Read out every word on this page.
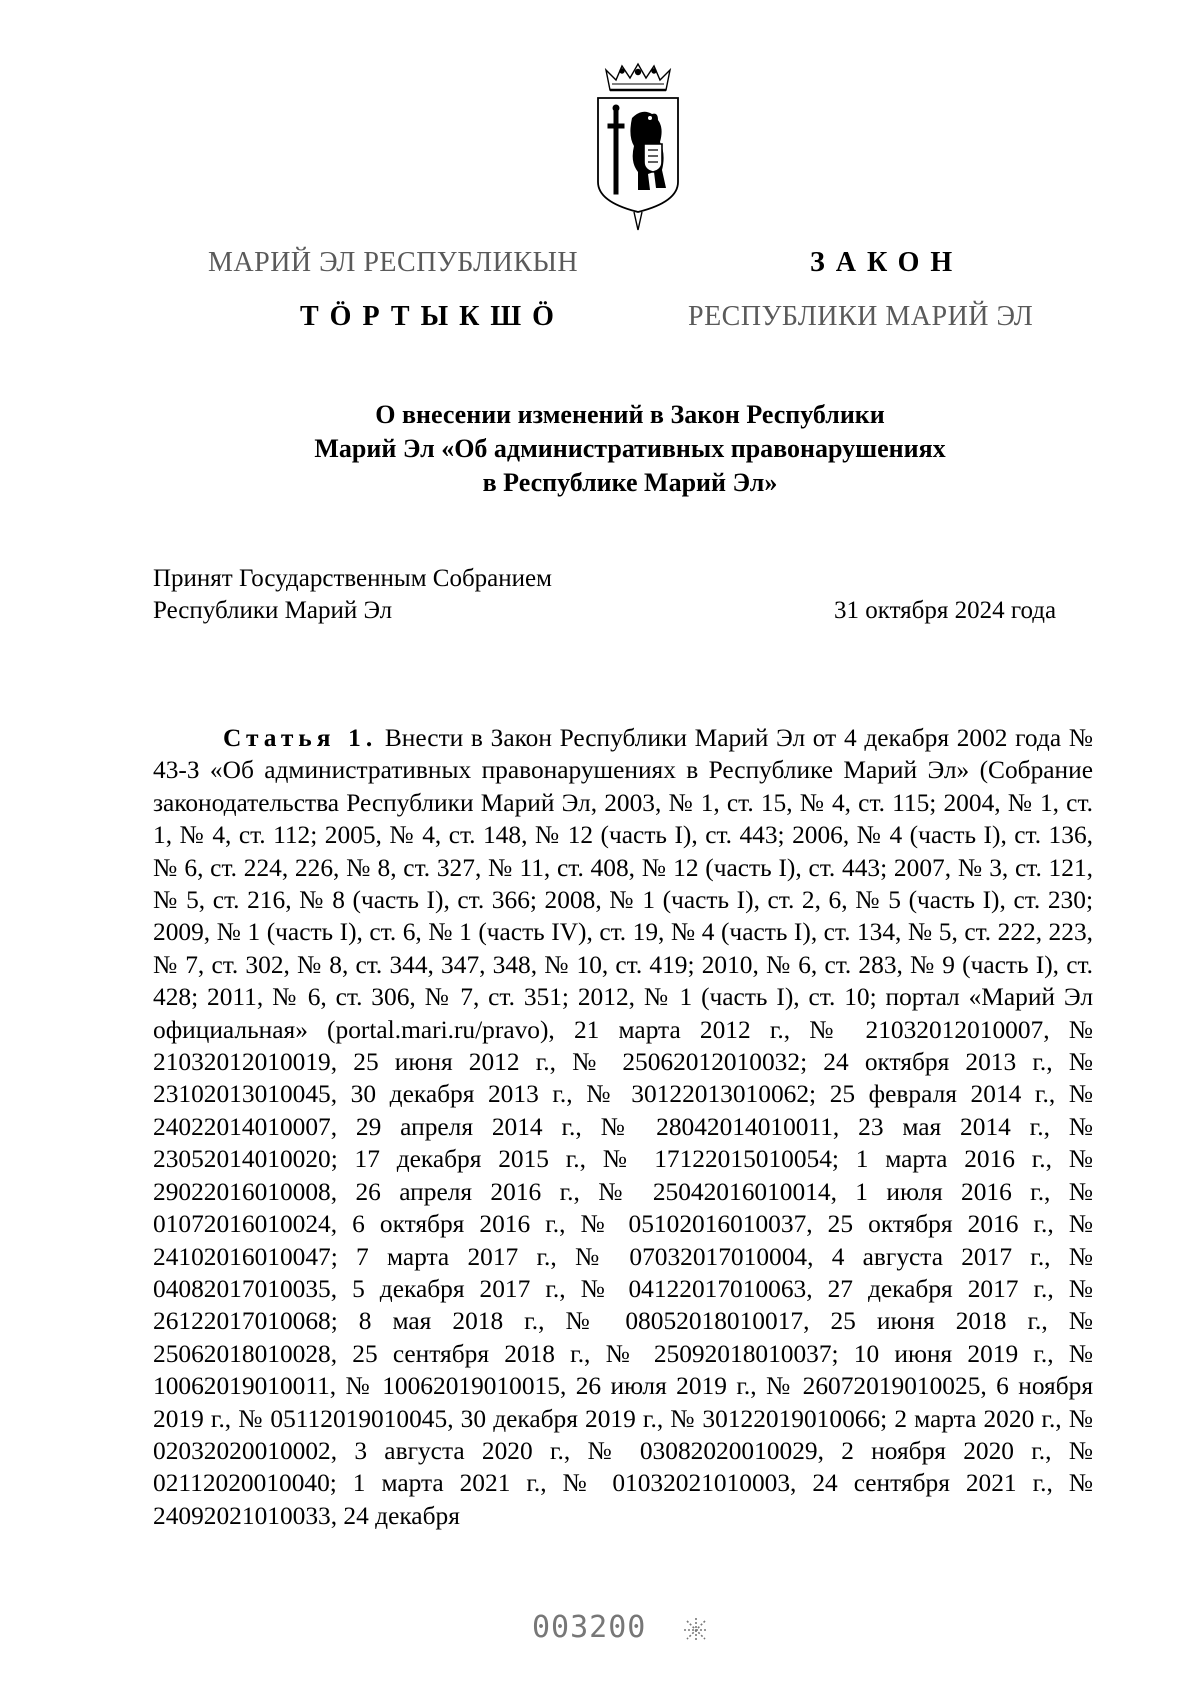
МАРИЙ ЭЛ РЕСПУБЛИКЫН	ЗАКОН
ТӦРТЫКШӦ	РЕСПУБЛИКИ МАРИЙ ЭЛ
О внесении изменений в Закон Республики
Марий Эл «Об административных правонарушениях
в Республике Марий Эл»
Принят Государственным Собранием
Республики Марий Эл	31 октября 2024 года

Статья 1. Внести в Закон Республики Марий Эл от 4 декабря 2002 года № 43-З «Об административных правонарушениях в Республике Марий Эл» (Собрание законодательства Республики Марий Эл, 2003, № 1, ст. 15, № 4, ст. 115; 2004, № 1, ст. 1, № 4, ст. 112; 2005, № 4, ст. 148, № 12 (часть I), ст. 443; 2006, № 4 (часть I), ст. 136, № 6, ст. 224, 226, № 8, ст. 327, № 11, ст. 408, № 12 (часть I), ст. 443; 2007, № 3, ст. 121, № 5, ст. 216, № 8 (часть I), ст. 366; 2008, № 1 (часть I), ст. 2, 6, № 5 (часть I), ст. 230; 2009, № 1 (часть I), ст. 6, № 1 (часть IV), ст. 19, № 4 (часть I), ст. 134, № 5, ст. 222, 223, № 7, ст. 302, № 8, ст. 344, 347, 348, № 10, ст. 419; 2010, № 6, ст. 283, № 9 (часть I), ст. 428; 2011, № 6, ст. 306, № 7, ст. 351; 2012, № 1 (часть I), ст. 10; портал «Марий Эл официальная» (portal.mari.ru/pravo), 21 марта 2012 г., № 21032012010007, № 21032012010019, 25 июня 2012 г., № 25062012010032; 24 октября 2013 г., № 23102013010045, 30 декабря 2013 г., № 30122013010062; 25 февраля 2014 г., № 24022014010007, 29 апреля 2014 г., № 28042014010011, 23 мая 2014 г., № 23052014010020; 17 декабря 2015 г., № 17122015010054; 1 марта 2016 г., № 29022016010008, 26 апреля 2016 г., № 25042016010014, 1 июля 2016 г., № 01072016010024, 6 октября 2016 г., № 05102016010037, 25 октября 2016 г., № 24102016010047; 7 марта 2017 г., № 07032017010004, 4 августа 2017 г., № 04082017010035, 5 декабря 2017 г., № 04122017010063, 27 декабря 2017 г., № 26122017010068; 8 мая 2018 г., № 08052018010017, 25 июня 2018 г., № 25062018010028, 25 сентября 2018 г., № 25092018010037; 10 июня 2019 г., № 10062019010011, № 10062019010015, 26 июля 2019 г., № 26072019010025, 6 ноября 2019 г., № 05112019010045, 30 декабря 2019 г., № 30122019010066; 2 марта 2020 г., № 02032020010002, 3 августа 2020 г., № 03082020010029, 2 ноября 2020 г., № 02112020010040; 1 марта 2021 г., № 01032021010003, 24 сентября 2021 г., № 24092021010033, 24 декабря

003200
